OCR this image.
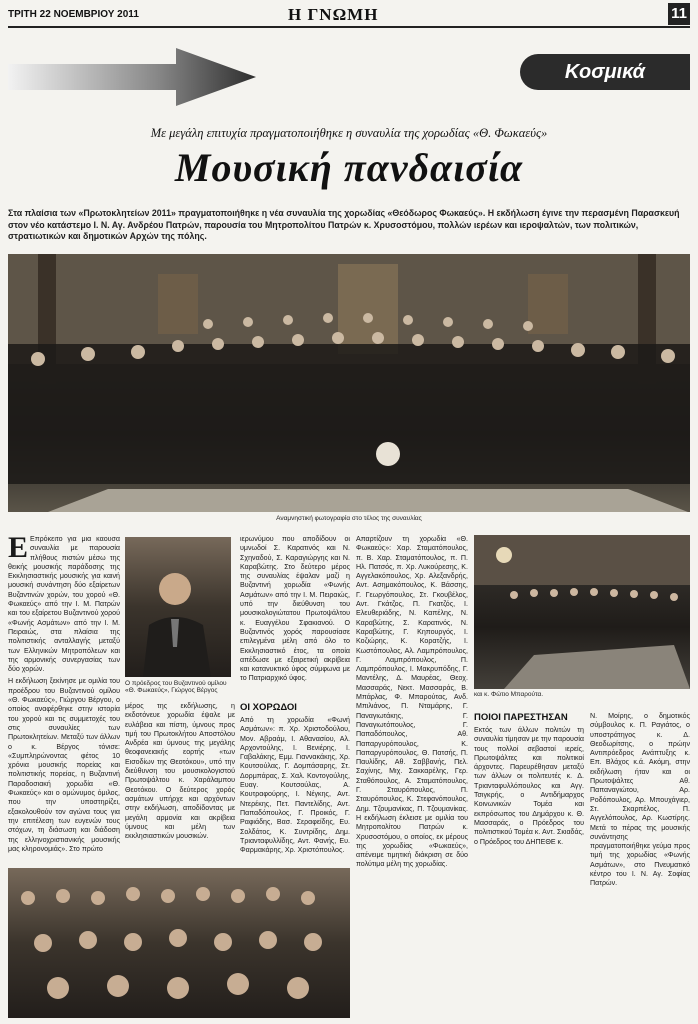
ΤΡΙΤΗ 22 ΝΟΕΜΒΡΙΟΥ 2011	Η ΓΝΩΜΗ	11
Κοσμικά
Με μεγάλη επιτυχία πραγματοποιήθηκε η συναυλία της χορωδίας «Θ. Φωκαεύς»
Μουσική πανδαισία
Στα πλαίσια των «Πρωτοκλητείων 2011» πραγματοποιήθηκε η νέα συναυλία της χορωδίας «Θεόδωρος Φωκαεύς». Η εκδήλωση έγινε την περασμένη Παρασκευή στον νέο κατάστεμο Ι. Ν. Αγ. Ανδρέου Πατρών, παρουσία του Μητροπολίτου Πατρών κ. Χρυσοστόμου, πολλών ιερέων και ιεροψαλτών, των πολιτικών, στρατιωτικών και δημοτικών Αρχών της πόλης.
Αναμνηστική φωτογραφία στο τέλος της συναυλίας

Ε Επρόκειτο για μια καουσα συναυλία με παρουσία πλήθους πιστών μέσω της θεικής μουσικής παράδοσης της Εκκλησιαστικής μουσικής για καινή μουσική συνάντηση δύο εξαίρετων Βυζαντινών χορών, του χορού «Θ. Φωκαεύς» από την Ι. Μ. Πατρών και του εξαίρετου Βυζαντινού χορού «Φωνής Ασμάτων» από την Ι. Μ. Πειραιώς, στα πλαίσια της πολιτιστικής ανταλλαγής μεταξύ των Ελληνικών Μητροπόλεων και της αρμονικής συνεργασίας των δύο χορών.

Η εκδήλωση ξεκίνησε με ομιλία του προέδρου του Βυζαντινού ομίλου «Θ. Φωκαεύς», Γιώργου Βέργου, ο οποίος αναφέρθηκε στην ιστορία του χορού και τις συμμετοχές του στις συναυλίες των Πρωτοκλητείων. Μεταξύ των άλλων ο κ. Βέργος τόνισε: «Συμπληρώνοντας φέτος 10 χρόνια μουσικής πορείας και πολιτιστικής πορείας, η Βυζαντινή Παραδοσιακή χορωδία «Θ. Φωκαεύς» και ο ομώνυμος όμιλος, που την υποστηρίζει, εξακολουθούν τον αγώνα τους για την επιτέλεση των ευγενών τους στόχων, τη διάσωση και διάδοση της ελληνοχριστιανικής μουσικής μας κληρονομιάς». Στο πρώτο

Ο πρόεδρος του Βυζαντινού ομίλου «Θ. Φωκαεύς», Γιώργος Βέργος

μέρος της εκδήλωσης, η εκδοτόνευε χορωδία έψαλε με ευλάβεια και πίστη, ύμνους προς τιμή του Πρωτοκλήτου Αποστόλου Ανδρέα και ύμνους της μεγάλης θεοφανειακής εορτής «των Εισοδίων της Θεοτόκου», υπό την διεύθυνση του μουσικολογιστού Πρωτοψάλτου κ. Χαράλαμπου Θεοτόκου. Ο δεύτερος χορός ασμάτων υπήρχε και αρχόντων στην εκδήλωση, αποδίδοντας με μεγάλη αρμονία και ακρίβεια ύμνους και μέλη των εκκλησιαστικών μουσικών.

ιερωνύμου που αποδίδουν οι υμνωδοί Σ. Καρατινός και Ν. Σχηναδού, Σ. Καραγιώργης και Ν. Καραβώτης. Στο δεύτερο μέρος της συναυλίας έψαλαν μαζί η Βυζαντινή χορωδία «Φωνής Ασμάτων» από την Ι. Μ. Πειραιώς, υπό την διεύθυνση του μουσικολογιώτατου Πρωτοψάλτου κ. Ευαγγέλου Σφακιανού. Ο Βυζαντινός χορός παρουσίασε επιλεγμένα μέλη από όλο το Εκκλησιαστικό έτος, τα οποία απέδωσε με εξαιρετική ακρίβεια και κατανυκτικό ύφος σύμφωνα με το Πατριαρχικό ύφος.

ΟΙ ΧΟΡΩΔΟΙ

Από τη χορωδία «Φωνή Ασμάτων»: π. Χρ. Χριστοδούλου, Μον. Αβραάμ, Ι. Αθανασίου, Αλ. Αρχοντούλης, Ι. Βενιέρης, Ι. Γαβαλάκης, Εμμ. Γιαννακάκης, Χρ. Κουτσούλας, Γ. Δομπάσαρης, Στ. Δορμπάρας, Σ. Χαλ. Κοντογούλης, Ευαγ. Κουτσούλας, Α. Κουτραφούρης, Ι. Νέγκης, Αντ. Ντερέκης, Πετ. Παντελίδης, Αντ. Παπαδόπουλος, Γ. Προικός, Γ. Ραφιάδης, Βασ. Σεραφείδης, Ευ. Σολδάτος, Κ. Συντρίδης, Δημ. Τριανταφυλλίδης, Αντ. Φανής, Ευ. Φαρμακάρης, Χρ. Χριστόπουλος.

Απαρτίζουν τη χορωδία «Θ. Φωκαεύς»: Χαρ. Σταματόπουλος, π. Β. Χαρ. Σταματόπουλος, π. Π. Ηλ. Πατσός, π. Χρ. Λυκούρεσης, Κ. Αγγελακόπουλος, Χρ. Αλεξανδρής, Αντ. Ασημακόπουλος, Κ. Βάσσης, Γ. Γεωργόπουλος, Στ. Γκουβέλος, Αντ. Γκάτζος, Π. Γκατζός, Ι. Ελευθεριάδης, Ν. Καπέλης, Ν. Καραβώτης, Σ. Καρατινός, Ν. Καραβώτης, Γ. Κηπουργός, Ι. Κοζιώρης, Κ. Κορατζής, Ι. Κωστόπουλος, Αλ. Λαμπρόπουλος, Γ. Λαμπρόπουλος, Π. Λαμπρόπουλος, Ι. Μακρυπόδης, Γ. Μαντέλης, Δ. Μαυρέας, Θεοχ. Μασσαράς, Νεκτ. Μασσαράς, Β. Μπάρλας, Φ. Μπαρούτας, Ανδ. Μπιλιάνος, Π. Νταμάρης, Γ. Παναγιωτάκης, Γ. Παναγιωτόπουλος, Γ. Παπαδόπουλος, Αθ. Παπαργυρόπουλος, Κ. Παπαργυρόπουλος, Θ. Πατσής, Π. Παυλίδης, Αθ. Σαββανής, Πελ. Σαχίνης, Μιχ. Σακκαρέλης, Γερ. Σταθόπουλος, Α. Σταματόπουλος, Γ. Σταυρόπουλος, Π. Σταυρόπουλος, Κ. Στεφανόπουλος, Δημ. Τζουμανίκας, Π. Τζουμανίκας. Η εκδήλωση έκλεισε με ομιλία του Μητροπολίτου Πατρών κ. Χρυσοστόμου, ο οποίος, εκ μέρους της χορωδίας «Φωκαεύς», απένειμε τιμητική διάκριση σε δύο πολύτιμα μέλη της χορωδίας.

και κ. Φώτιο Μπαρούτα.
ΠΟΙΟΙ ΠΑΡΕΣΤΗΣΑΝ

Εκτός των άλλων πολιτών τη συναυλία τίμησαν με την παρουσία τους πολλοί σεβαστοί ιερείς, Πρωτοψάλτες και πολιτικοί άρχοντες. Παρευρέθησαν μεταξύ των άλλων οι πολιτευτές κ. Δ. Τριανταφυλλόπουλος και Αγγ. Τσιγκρής, ο Αντιδήμαρχος Κοινωνικών Τομέα και εκπρόσωπος του Δημάρχου κ. Θ. Μασσαράς, ο Πρόεδρος του πολιτιστικού Τομέα κ. Αντ. Σκιαδάς, ο Πρόεδρος του ΔΗΠΕΘΕ κ.

Ν. Μοίρης, ο δημοτικός σύμβουλος κ. Π. Ραγιάτος, ο υποστράτηγος κ. Δ. Θεοδωρίτσης, ο πρώην Αντιπρόεδρος Ανάπτυξης κ. Επ. Βλάχος κ.ά. Ακόμη, στην εκδήλωση ήταν και οι Πρωτοψάλτες Αθ. Παπαναγιώτου, Αρ. Ροδόπουλος, Αρ. Μπουχάγιερ, Στ. Σκαρπέλος, Π. Αγγελόπουλος, Αρ. Κωστίρης. Μετά το πέρας της μουσικής συνάντησης πραγματοποιήθηκε γεύμα προς τιμή της χορωδίας «Φωνής Ασμάτων», στο Πνευματικό κέντρο του Ι. Ν. Αγ. Σοφίας Πατρών.
